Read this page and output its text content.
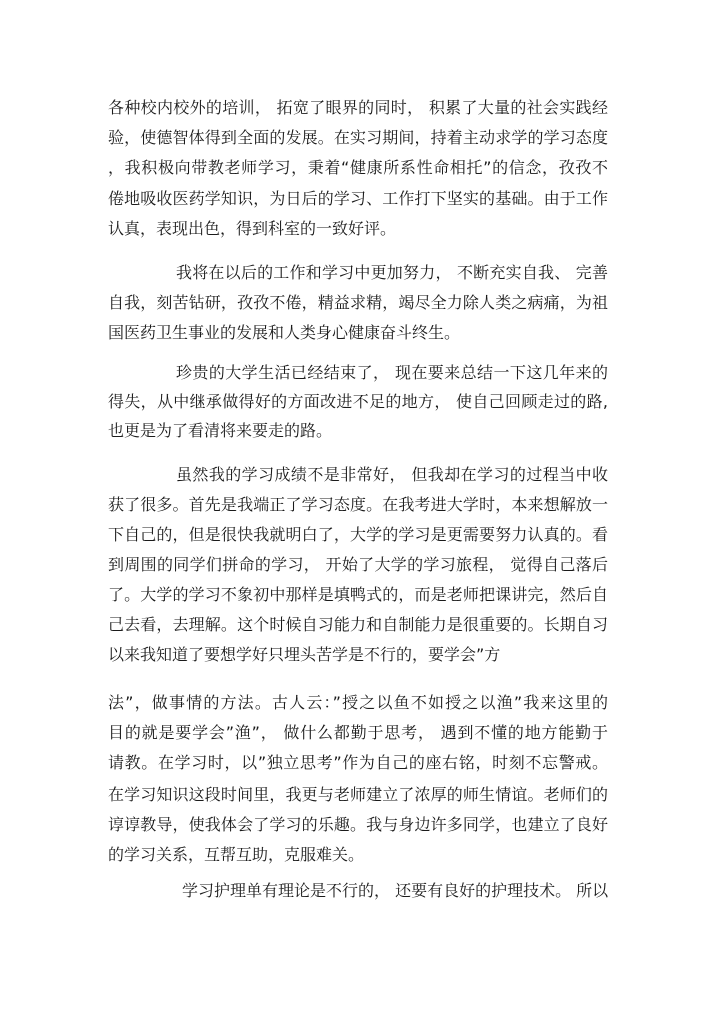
各种校内校外的培训， 拓宽了眼界的同时， 积累了大量的社会实践经
验，使德智体得到全面的发展。在实习期间，持着主动求学的学习态度
，我积极向带教老师学习，秉着“健康所系性命相托”的信念，孜孜不
倦地吸收医药学知识，为日后的学习、工作打下坚实的基础。由于工作
认真，表现出色，得到科室的一致好评。
我将在以后的工作和学习中更加努力， 不断充实自我、 完善
自我，刻苦钻研，孜孜不倦，精益求精，竭尽全力除人类之病痛，为祖
国医药卫生事业的发展和人类身心健康奋斗终生。
珍贵的大学生活已经结束了， 现在要来总结一下这几年来的
得失，从中继承做得好的方面改进不足的地方， 使自己回顾走过的路,
也更是为了看清将来要走的路。
虽然我的学习成绩不是非常好， 但我却在学习的过程当中收
获了很多。首先是我端正了学习态度。在我考进大学时，本来想解放一
下自己的，但是很快我就明白了，大学的学习是更需要努力认真的。看
到周围的同学们拼命的学习， 开始了大学的学习旅程， 觉得自己落后
了。大学的学习不象初中那样是填鸭式的，而是老师把课讲完，然后自
己去看，去理解。这个时候自习能力和自制能力是很重要的。长期自习
以来我知道了要想学好只埋头苦学是不行的，要学会”方
法”，做事情的方法。古人云：”授之以鱼不如授之以渔”我来这里的
目的就是要学会”渔”， 做什么都勤于思考， 遇到不懂的地方能勤于
请教。在学习时，以”独立思考”作为自己的座右铭，时刻不忘警戒。
在学习知识这段时间里，我更与老师建立了浓厚的师生情谊。老师们的
谆谆教导，使我体会了学习的乐趣。我与身边许多同学，也建立了良好
的学习关系，互帮互助，克服难关。
学习护理单有理论是不行的， 还要有良好的护理技术。 所以
